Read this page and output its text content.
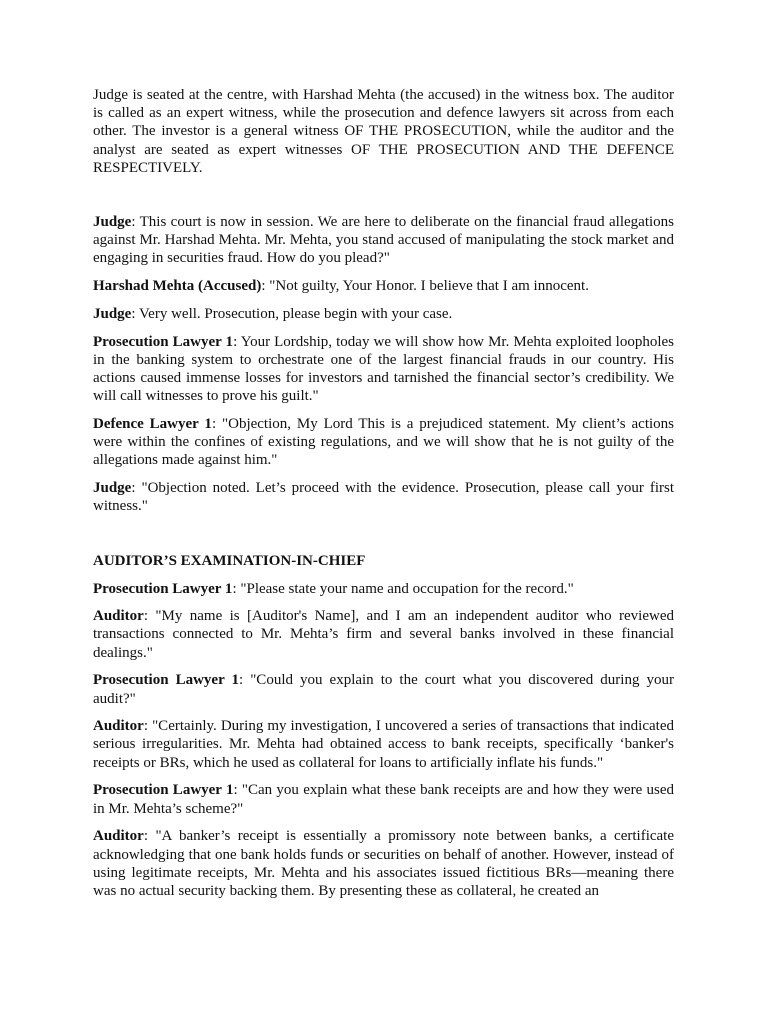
Judge is seated at the centre, with Harshad Mehta (the accused) in the witness box. The auditor is called as an expert witness, while the prosecution and defence lawyers sit across from each other. The investor is a general witness OF THE PROSECUTION, while the auditor and the analyst are seated as expert witnesses OF THE PROSECUTION AND THE DEFENCE RESPECTIVELY.

Judge: This court is now in session. We are here to deliberate on the financial fraud allegations against Mr. Harshad Mehta. Mr. Mehta, you stand accused of manipulating the stock market and engaging in securities fraud. How do you plead?"

Harshad Mehta (Accused): "Not guilty, Your Honor. I believe that I am innocent.

Judge: Very well. Prosecution, please begin with your case.

Prosecution Lawyer 1: Your Lordship, today we will show how Mr. Mehta exploited loopholes in the banking system to orchestrate one of the largest financial frauds in our country. His actions caused immense losses for investors and tarnished the financial sector’s credibility. We will call witnesses to prove his guilt."

Defence Lawyer 1: "Objection, My Lord This is a prejudiced statement. My client’s actions were within the confines of existing regulations, and we will show that he is not guilty of the allegations made against him."

Judge: "Objection noted. Let’s proceed with the evidence. Prosecution, please call your first witness."

AUDITOR’S EXAMINATION-IN-CHIEF

Prosecution Lawyer 1: "Please state your name and occupation for the record."

Auditor: "My name is [Auditor's Name], and I am an independent auditor who reviewed transactions connected to Mr. Mehta’s firm and several banks involved in these financial dealings."

Prosecution Lawyer 1: "Could you explain to the court what you discovered during your audit?"

Auditor: "Certainly. During my investigation, I uncovered a series of transactions that indicated serious irregularities. Mr. Mehta had obtained access to bank receipts, specifically ‘banker's receipts or BRs, which he used as collateral for loans to artificially inflate his funds."

Prosecution Lawyer 1: "Can you explain what these bank receipts are and how they were used in Mr. Mehta’s scheme?"

Auditor: "A banker’s receipt is essentially a promissory note between banks, a certificate acknowledging that one bank holds funds or securities on behalf of another. However, instead of using legitimate receipts, Mr. Mehta and his associates issued fictitious BRs—meaning there was no actual security backing them. By presenting these as collateral, he created an
